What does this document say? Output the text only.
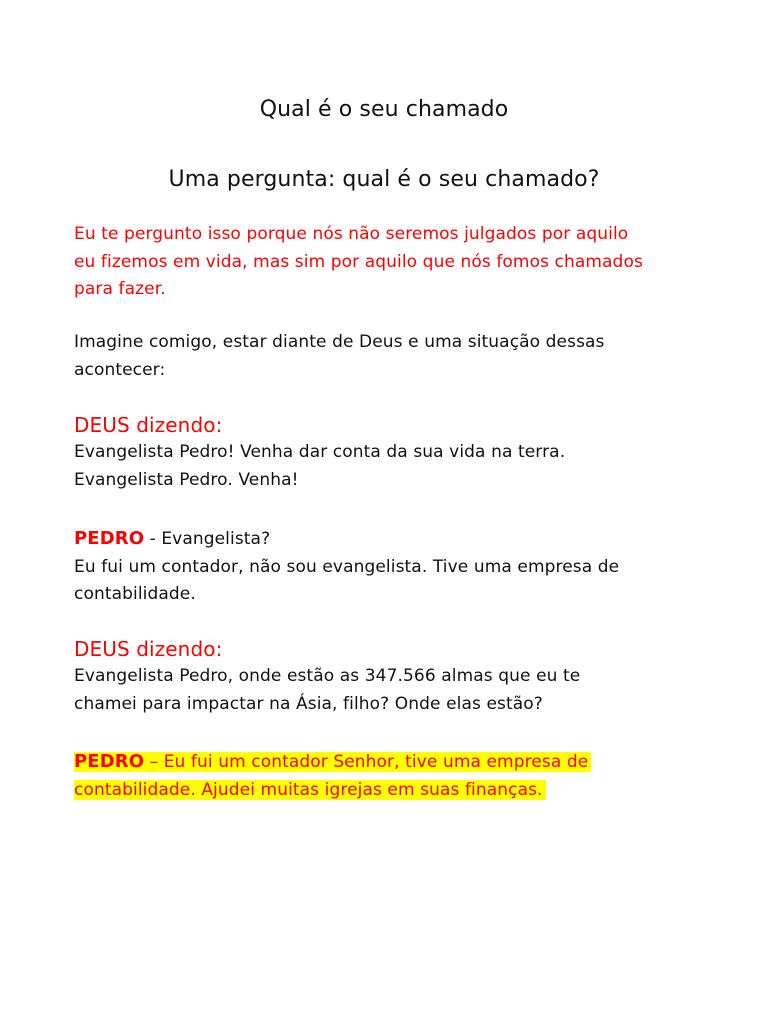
Qual é o seu chamado
Uma pergunta: qual é o seu chamado?
Eu te pergunto isso porque nós não seremos julgados por aquilo
eu fizemos em vida, mas sim por aquilo que nós fomos chamados
para fazer.
Imagine comigo, estar diante de Deus e uma situação dessas
acontecer:
DEUS dizendo:
Evangelista Pedro! Venha dar conta da sua vida na terra.
Evangelista Pedro. Venha!
PEDRO - Evangelista?
Eu fui um contador, não sou evangelista. Tive uma empresa de
contabilidade.
DEUS dizendo:
Evangelista Pedro, onde estão as 347.566 almas que eu te
chamei para impactar na Ásia, filho? Onde elas estão?
PEDRO – Eu fui um contador Senhor, tive uma empresa de
contabilidade. Ajudei muitas igrejas em suas finanças.
